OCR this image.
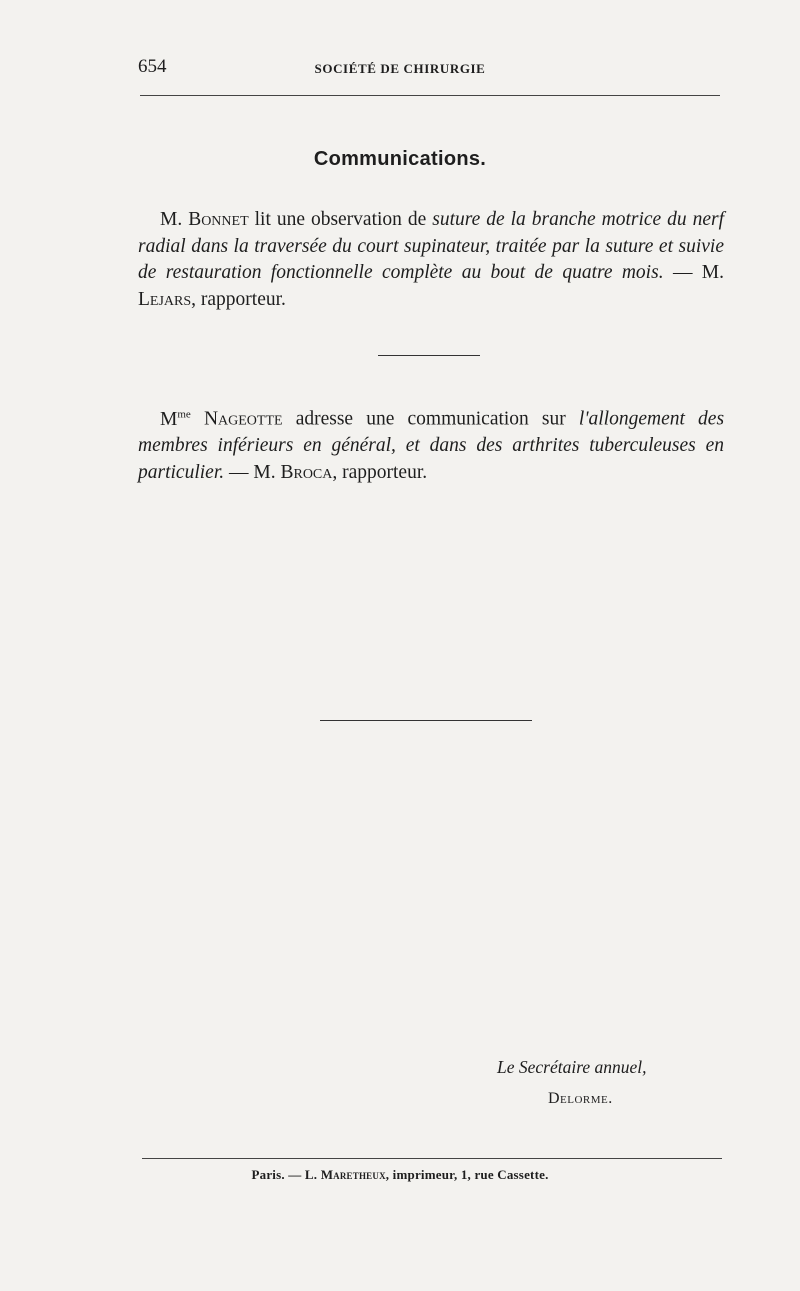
654	SOCIÉTÉ DE CHIRURGIE
Communications.

M. Bonnet lit une observation de suture de la branche motrice du nerf radial dans la traversée du court supinateur, traitée par la suture et suivie de restauration fonctionnelle complète au bout de quatre mois. — M. Lejars, rapporteur.

$M^{me}$ Nageotte adresse une communication sur l'allongement des membres inférieurs en général, et dans des arthrites tuberculeuses en particulier. — M. Broca, rapporteur.

Le Secrétaire annuel,
Delorme.
Paris. — L. Maretheux, imprimeur, 1, rue Cassette.
